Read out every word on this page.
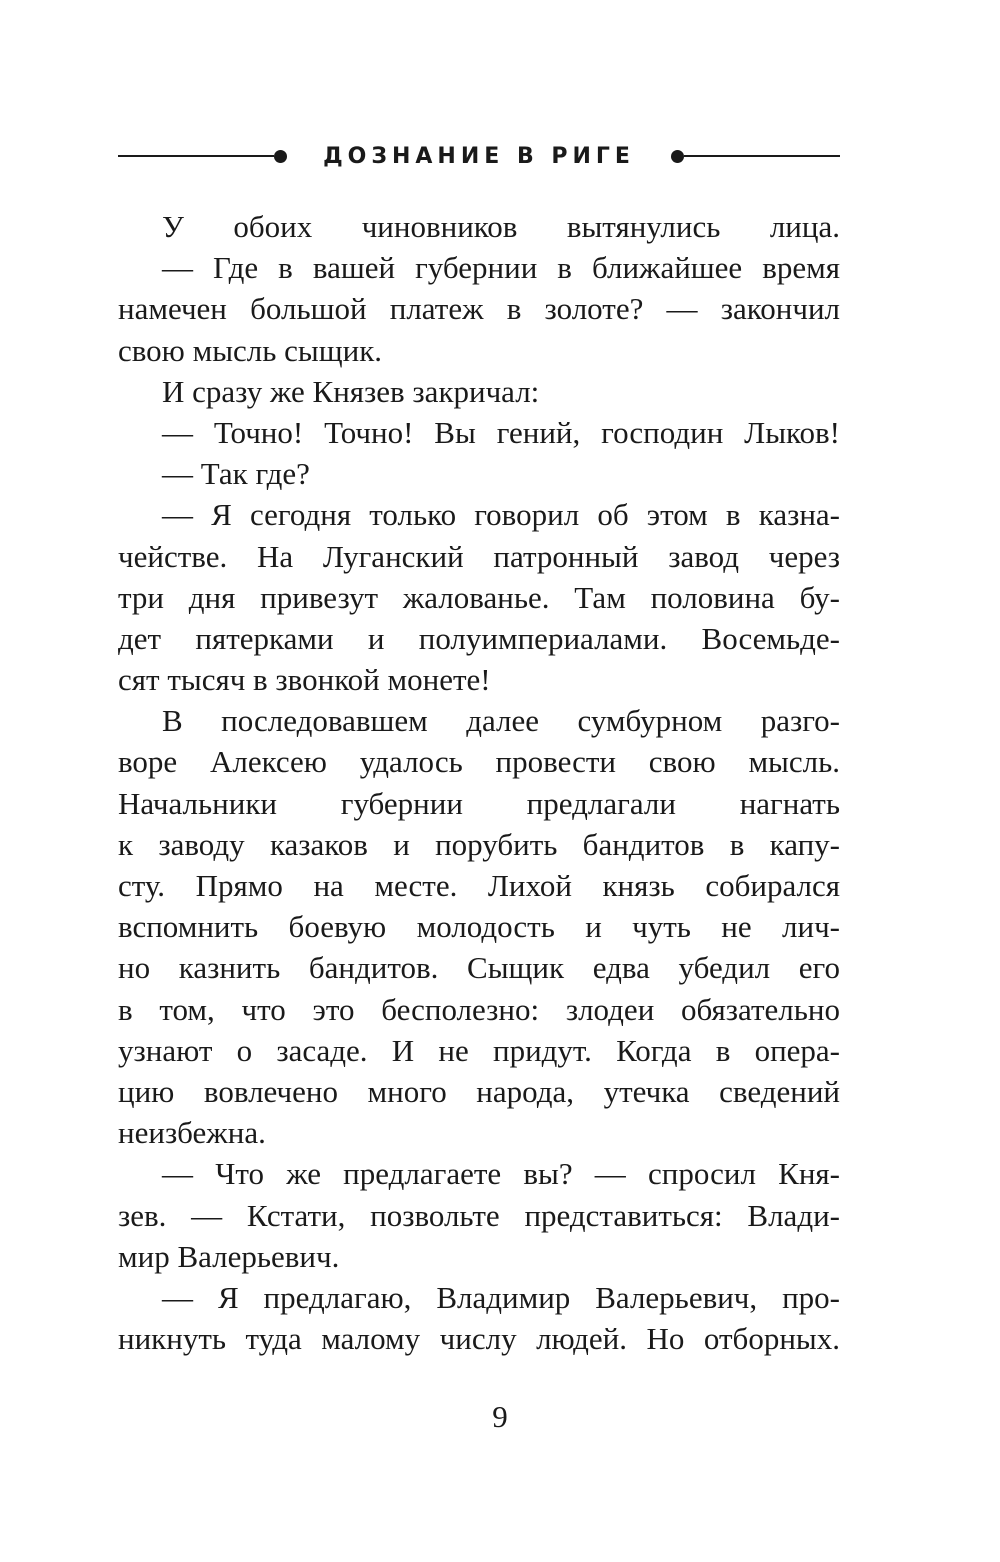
ДОЗНАНИЕ В РИГЕ
У обоих чиновников вытянулись лица.
— Где в вашей губернии в ближайшее время
намечен большой платеж в золоте? — закончил
свою мысль сыщик.
И сразу же Князев закричал:
— Точно! Точно! Вы гений, господин Лыков!
— Так где?
— Я сегодня только говорил об этом в казна-
чействе. На Луганский патронный завод через
три дня привезут жалованье. Там половина бу-
дет пятерками и полуимпериалами. Восемьде-
сят тысяч в звонкой монете!
В последовавшем далее сумбурном разго-
воре Алексею удалось провести свою мысль.
Начальники губернии предлагали нагнать
к заводу казаков и порубить бандитов в капу-
сту. Прямо на месте. Лихой князь собирался
вспомнить боевую молодость и чуть не лич-
но казнить бандитов. Сыщик едва убедил его
в том, что это бесполезно: злодеи обязательно
узнают о засаде. И не придут. Когда в опера-
цию вовлечено много народа, утечка сведений
неизбежна.
— Что же предлагаете вы? — спросил Кня-
зев. — Кстати, позвольте представиться: Влади-
мир Валерьевич.
— Я предлагаю, Владимир Валерьевич, про-
никнуть туда малому числу людей. Но отборных.
9
